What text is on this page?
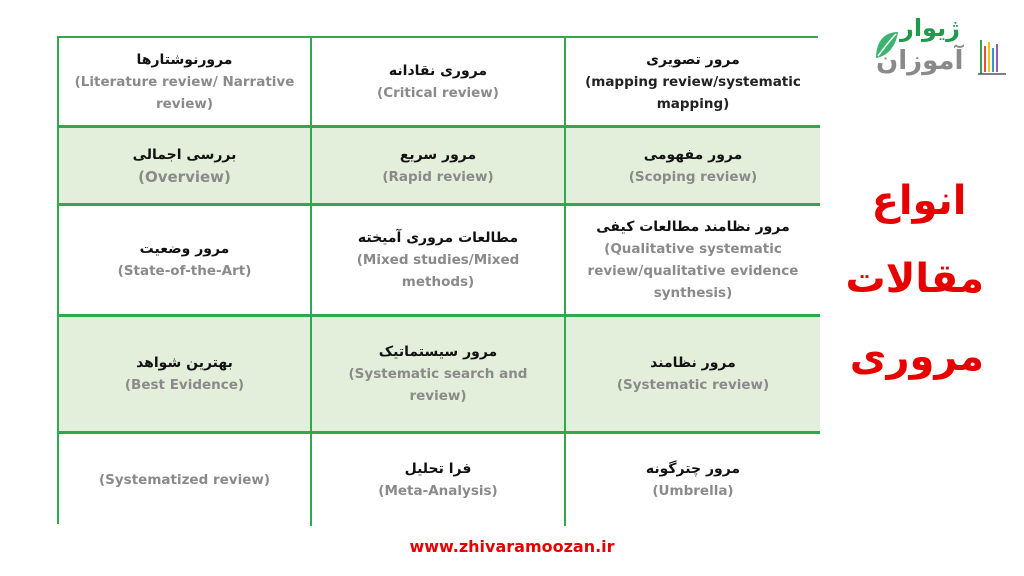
ژیوار
آموزان
مرورنوشتارها
(Literature review/ Narrative
review)
مروری نقادانه
(Critical review)
مرور تصویری
(mapping review/systematic
mapping)
بررسی اجمالی
(Overview)
مرور سریع
(Rapid review)
مرور مفهومی
(Scoping review)
مرور وضعیت
(State-of-the-Art)
مطالعات مروری آمیخته
(Mixed studies/Mixed
methods)
مرور نظامند مطالعات کیفی
(Qualitative systematic
review/qualitative evidence
synthesis)
بهترین شواهد
(Best Evidence)
مرور سیستماتیک
(Systematic search and
review)
مرور نظامند
(Systematic review)
(Systematized review)
فرا تحلیل
(Meta-Analysis)
مرور چترگونه
(Umbrella)
انواع
مقالات
مروری
www.zhivaramoozan.ir
